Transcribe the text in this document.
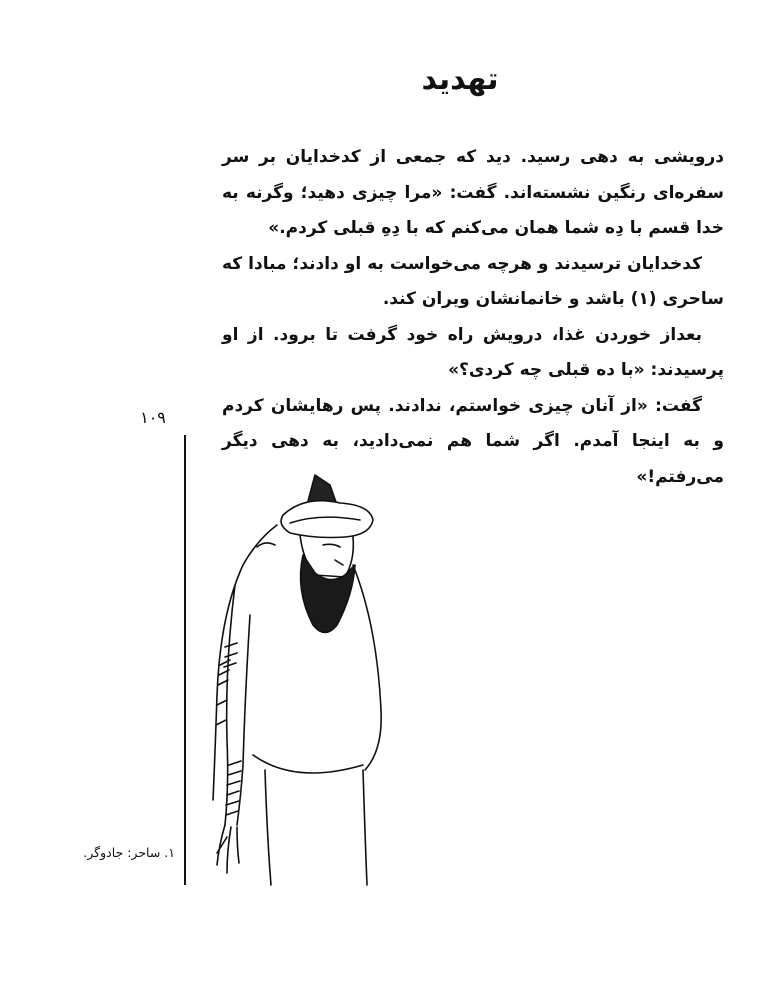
تهدید

درویشی به دهی رسید. دید که جمعی از کدخدایان بر سر سفره‌ای رنگین نشسته‌اند. گفت: «مرا چیزی دهید؛ وگرنه به خدا قسم با دِه شما همان می‌کنم که با دِهِ قبلی کردم.»

کدخدایان ترسیدند و هرچه می‌خواست به او دادند؛ مبادا که ساحری (۱) باشد و خانمانشان ویران کند.

بعداز خوردن غذا، درویش راه خود گرفت تا برود. از او پرسیدند: «با ده قبلی چه کردی؟»

گفت: «از آنان چیزی خواستم، ندادند. پس رهایشان کردم و به اینجا آمدم. اگر شما هم نمی‌دادید، به دهی دیگر می‌رفتم!»

۱۰۹
۱. ساحر: جادوگر.
